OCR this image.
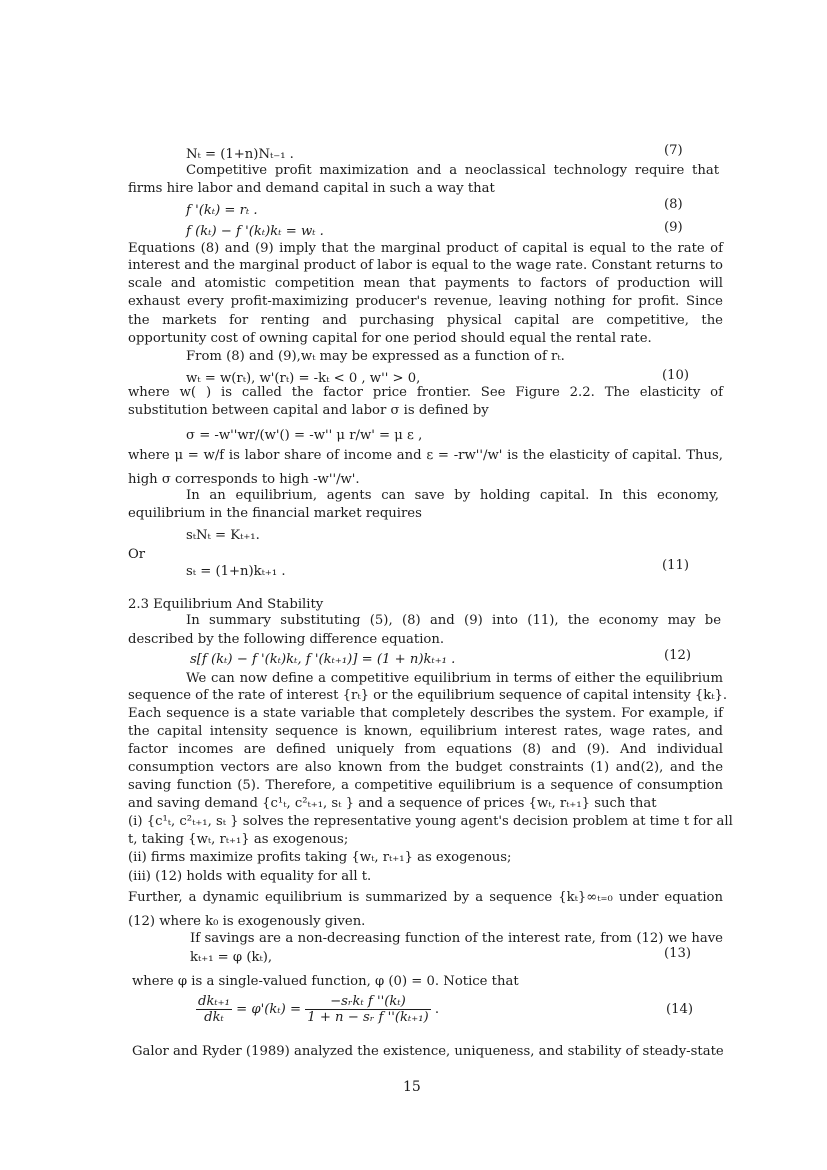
Nₜ = (1+n)Nₜ₋₁ .	(7)
Competitive profit maximization and a neoclassical technology require that
firms hire labor and demand capital in such a way that
f '(kₜ) = rₜ .	(8)
f (kₜ) − f '(kₜ)kₜ = wₜ .	(9)
Equations (8) and (9) imply that the marginal product of capital is equal to the rate of
interest and the marginal product of labor is equal to the wage rate. Constant returns to
scale and atomistic competition mean that payments to factors of production will
exhaust every profit-maximizing producer's revenue, leaving nothing for profit. Since
the markets for renting and purchasing physical capital are competitive, the
opportunity cost of owning capital for one period should equal the rental rate.
From (8) and (9),wₜ may be expressed as a function of rₜ.
wₜ = w(rₜ), w'(rₜ) = -kₜ < 0 , w'' > 0,	(10)
where w( ) is called the factor price frontier. See Figure 2.2. The elasticity of
substitution between capital and labor σ is defined by
σ = -w''wr/(w'() = -w'' μ r/w' = μ ε ,
where μ = w/f is labor share of income and ε = -rw''/w' is the elasticity of capital. Thus,
high σ corresponds to high -w''/w'.
In an equilibrium, agents can save by holding capital. In this economy,
equilibrium in the financial market requires
sₜNₜ = Kₜ₊₁.
Or
sₜ = (1+n)kₜ₊₁ .	(11)
2.3 Equilibrium And Stability
In summary substituting (5), (8) and (9) into (11), the economy may be
described by the following difference equation.
s[f (kₜ) − f '(kₜ)kₜ, f '(kₜ₊₁)] = (1 + n)kₜ₊₁ .	(12)
We can now define a competitive equilibrium in terms of either the equilibrium
sequence of the rate of interest {rₜ} or the equilibrium sequence of capital intensity {kₜ}.
Each sequence is a state variable that completely describes the system. For example, if
the capital intensity sequence is known, equilibrium interest rates, wage rates, and
factor incomes are defined uniquely from equations (8) and (9). And individual
consumption vectors are also known from the budget constraints (1) and(2), and the
saving function (5). Therefore, a competitive equilibrium is a sequence of consumption
and saving demand {c¹ₜ, c²ₜ₊₁, sₜ } and a sequence of prices {wₜ, rₜ₊₁} such that
(i) {c¹ₜ, c²ₜ₊₁, sₜ } solves the representative young agent's decision problem at time t for all
t, taking {wₜ, rₜ₊₁} as exogenous;
(ii) firms maximize profits taking {wₜ, rₜ₊₁} as exogenous;
(iii) (12) holds with equality for all t.
Further, a dynamic equilibrium is summarized by a sequence {kₜ}∞ₜ₌₀ under equation
(12) where k₀ is exogenously given.
If savings are a non-decreasing function of the interest rate, from (12) we have
kₜ₊₁ = φ (kₜ),	(13)
where φ is a single-valued function, φ (0) = 0. Notice that
$\frac{\text{dkₜ₊₁}}{\text{dkₜ}} = \varphi'(k_t) = \frac{\text{−sᵣkₜ f ''(kₜ)}}{\text{1 + n − sᵣ f ''(kₜ₊₁)}}$ .	(14)
Galor and Ryder (1989) analyzed the existence, uniqueness, and stability of steady-state
15
